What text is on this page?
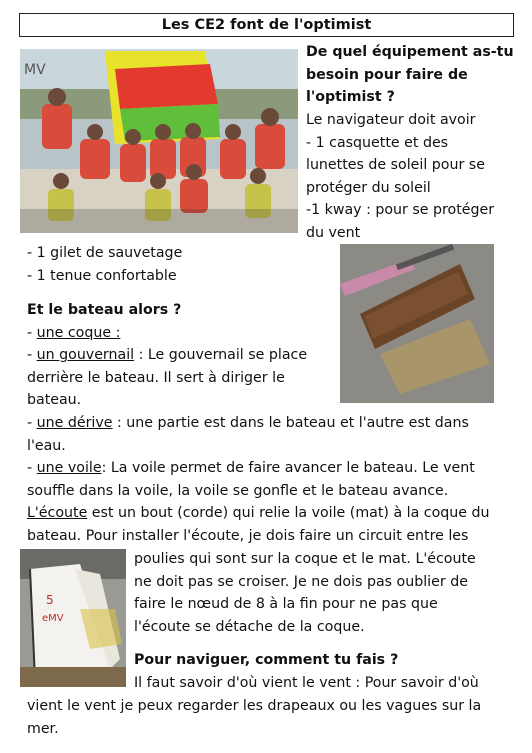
Les CE2 font de l'optimist
MV
De quel équipement as-tu
besoin pour faire de
l'optimist ?
Le navigateur doit avoir
- 1 casquette et des
lunettes de soleil pour se
protéger du soleil
-1 kway : pour se protéger
du vent
- 1 gilet de sauvetage
- 1 tenue confortable
Et le bateau alors ?
- une coque :
- un gouvernail : Le gouvernail se place
derrière le bateau. Il sert à diriger le
bateau.
- une dérive : une partie est dans le bateau et l'autre est dans
l'eau.
- une voile: La voile permet de faire avancer le bateau. Le vent
souffle dans la voile, la voile se gonfle et le bateau avance.
L'écoute est un bout (corde) qui relie la voile (mat) à la coque du
bateau. Pour installer l'écoute, je dois faire un circuit entre les
poulies qui sont sur la coque et le mat. L'écoute
ne doit pas se croiser. Je ne dois pas oublier de
faire le nœud de 8 à la fin pour ne pas que
l'écoute se détache de la coque.
5
eMV
Pour naviguer, comment tu fais ?
Il faut savoir d'où vient le vent : Pour savoir d'où
vient le vent je peux regarder les drapeaux ou les vagues sur la
mer.
